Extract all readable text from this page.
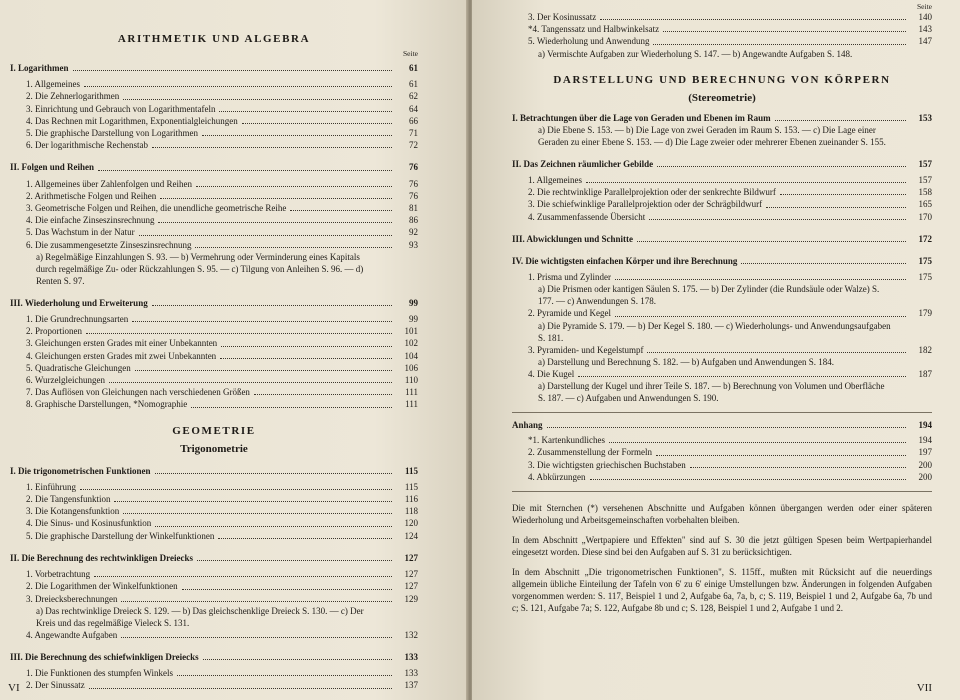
ARITHMETIK UND ALGEBRA
Seite
I. Logarithmen	61
1. Allgemeines	61
2. Die Zehnerlogarithmen	62
3. Einrichtung und Gebrauch von Logarithmentafeln	64
4. Das Rechnen mit Logarithmen, Exponentialgleichungen	66
5. Die graphische Darstellung von Logarithmen	71
6. Der logarithmische Rechenstab	72
II. Folgen und Reihen	76
1. Allgemeines über Zahlenfolgen und Reihen	76
2. Arithmetische Folgen und Reihen	76
3. Geometrische Folgen und Reihen, die unendliche geometrische Reihe	81
4. Die einfache Zinseszinsrechnung	86
5. Das Wachstum in der Natur	92
6. Die zusammengesetzte Zinseszinsrechnung	93
a) Regelmäßige Einzahlungen S. 93. — b) Vermehrung oder Verminderung eines Kapitals durch regelmäßige Zu- oder Rückzahlungen S. 95. — c) Tilgung von Anleihen S. 96. — d) Renten S. 97.
III. Wiederholung und Erweiterung	99
1. Die Grundrechnungsarten	99
2. Proportionen	101
3. Gleichungen ersten Grades mit einer Unbekannten	102
4. Gleichungen ersten Grades mit zwei Unbekannten	104
5. Quadratische Gleichungen	106
6. Wurzelgleichungen	110
7. Das Auflösen von Gleichungen nach verschiedenen Größen	111
8. Graphische Darstellungen, *Nomographie	111
GEOMETRIE
Trigonometrie
I. Die trigonometrischen Funktionen	115
1. Einführung	115
2. Die Tangensfunktion	116
3. Die Kotangensfunktion	118
4. Die Sinus- und Kosinusfunktion	120
5. Die graphische Darstellung der Winkelfunktionen	124
II. Die Berechnung des rechtwinkligen Dreiecks	127
1. Vorbetrachtung	127
2. Die Logarithmen der Winkelfunktionen	127
3. Dreiecksberechnungen	129
a) Das rechtwinklige Dreieck S. 129. — b) Das gleichschenklige Dreieck S. 130. — c) Der Kreis und das regelmäßige Vieleck S. 131.
4. Angewandte Aufgaben	132
III. Die Berechnung des schiefwinkligen Dreiecks	133
1. Die Funktionen des stumpfen Winkels	133
2. Der Sinussatz	137
VI
Seite
3. Der Kosinussatz	140
*4. Tangenssatz und Halbwinkelsatz	143
5. Wiederholung und Anwendung	147
a) Vermischte Aufgaben zur Wiederholung S. 147. — b) Angewandte Aufgaben S. 148.
DARSTELLUNG UND BERECHNUNG VON KÖRPERN
(Stereometrie)
I. Betrachtungen über die Lage von Geraden und Ebenen im Raum	153
a) Die Ebene S. 153. — b) Die Lage von zwei Geraden im Raum S. 153. — c) Die Lage einer Geraden zu einer Ebene S. 153. — d) Die Lage zweier oder mehrerer Ebenen zueinander S. 155.
II. Das Zeichnen räumlicher Gebilde	157
1. Allgemeines	157
2. Die rechtwinklige Parallelprojektion oder der senkrechte Bildwurf	158
3. Die schiefwinklige Parallelprojektion oder der Schrägbildwurf	165
4. Zusammenfassende Übersicht	170
III. Abwicklungen und Schnitte	172
IV. Die wichtigsten einfachen Körper und ihre Berechnung	175
1. Prisma und Zylinder	175
a) Die Prismen oder kantigen Säulen S. 175. — b) Der Zylinder (die Rundsäule oder Walze) S. 177. — c) Anwendungen S. 178.
2. Pyramide und Kegel	179
a) Die Pyramide S. 179. — b) Der Kegel S. 180. — c) Wiederholungs- und Anwendungsaufgaben S. 181.
3. Pyramiden- und Kegelstumpf	182
a) Darstellung und Berechnung S. 182. — b) Aufgaben und Anwendungen S. 184.
4. Die Kugel	187
a) Darstellung der Kugel und ihrer Teile S. 187. — b) Berechnung von Volumen und Oberfläche S. 187. — c) Aufgaben und Anwendungen S. 190.
Anhang	194
*1. Kartenkundliches	194
2. Zusammenstellung der Formeln	197
3. Die wichtigsten griechischen Buchstaben	200
4. Abkürzungen	200

Die mit Sternchen (*) versehenen Abschnitte und Aufgaben können übergangen werden oder einer späteren Wiederholung und Arbeitsgemeinschaften vorbehalten bleiben.

In dem Abschnitt „Wertpapiere und Effekten" sind auf S. 30 die jetzt gültigen Spesen beim Wertpapierhandel eingesetzt worden. Diese sind bei den Aufgaben auf S. 31 zu berücksichtigen.

In dem Abschnitt „Die trigonometrischen Funktionen", S. 115ff., mußten mit Rücksicht auf die neuerdings allgemein übliche Einteilung der Tafeln von 6' zu 6' einige Umstellungen bzw. Änderungen in folgenden Aufgaben vorgenommen werden: S. 117, Beispiel 1 und 2, Aufgabe 6a, 7a, b, c; S. 119, Beispiel 1 und 2, Aufgabe 6a, 7b und c; S. 121, Aufgabe 7a; S. 122, Aufgabe 8b und c; S. 128, Beispiel 1 und 2, Aufgabe 1 und 2.

VII
